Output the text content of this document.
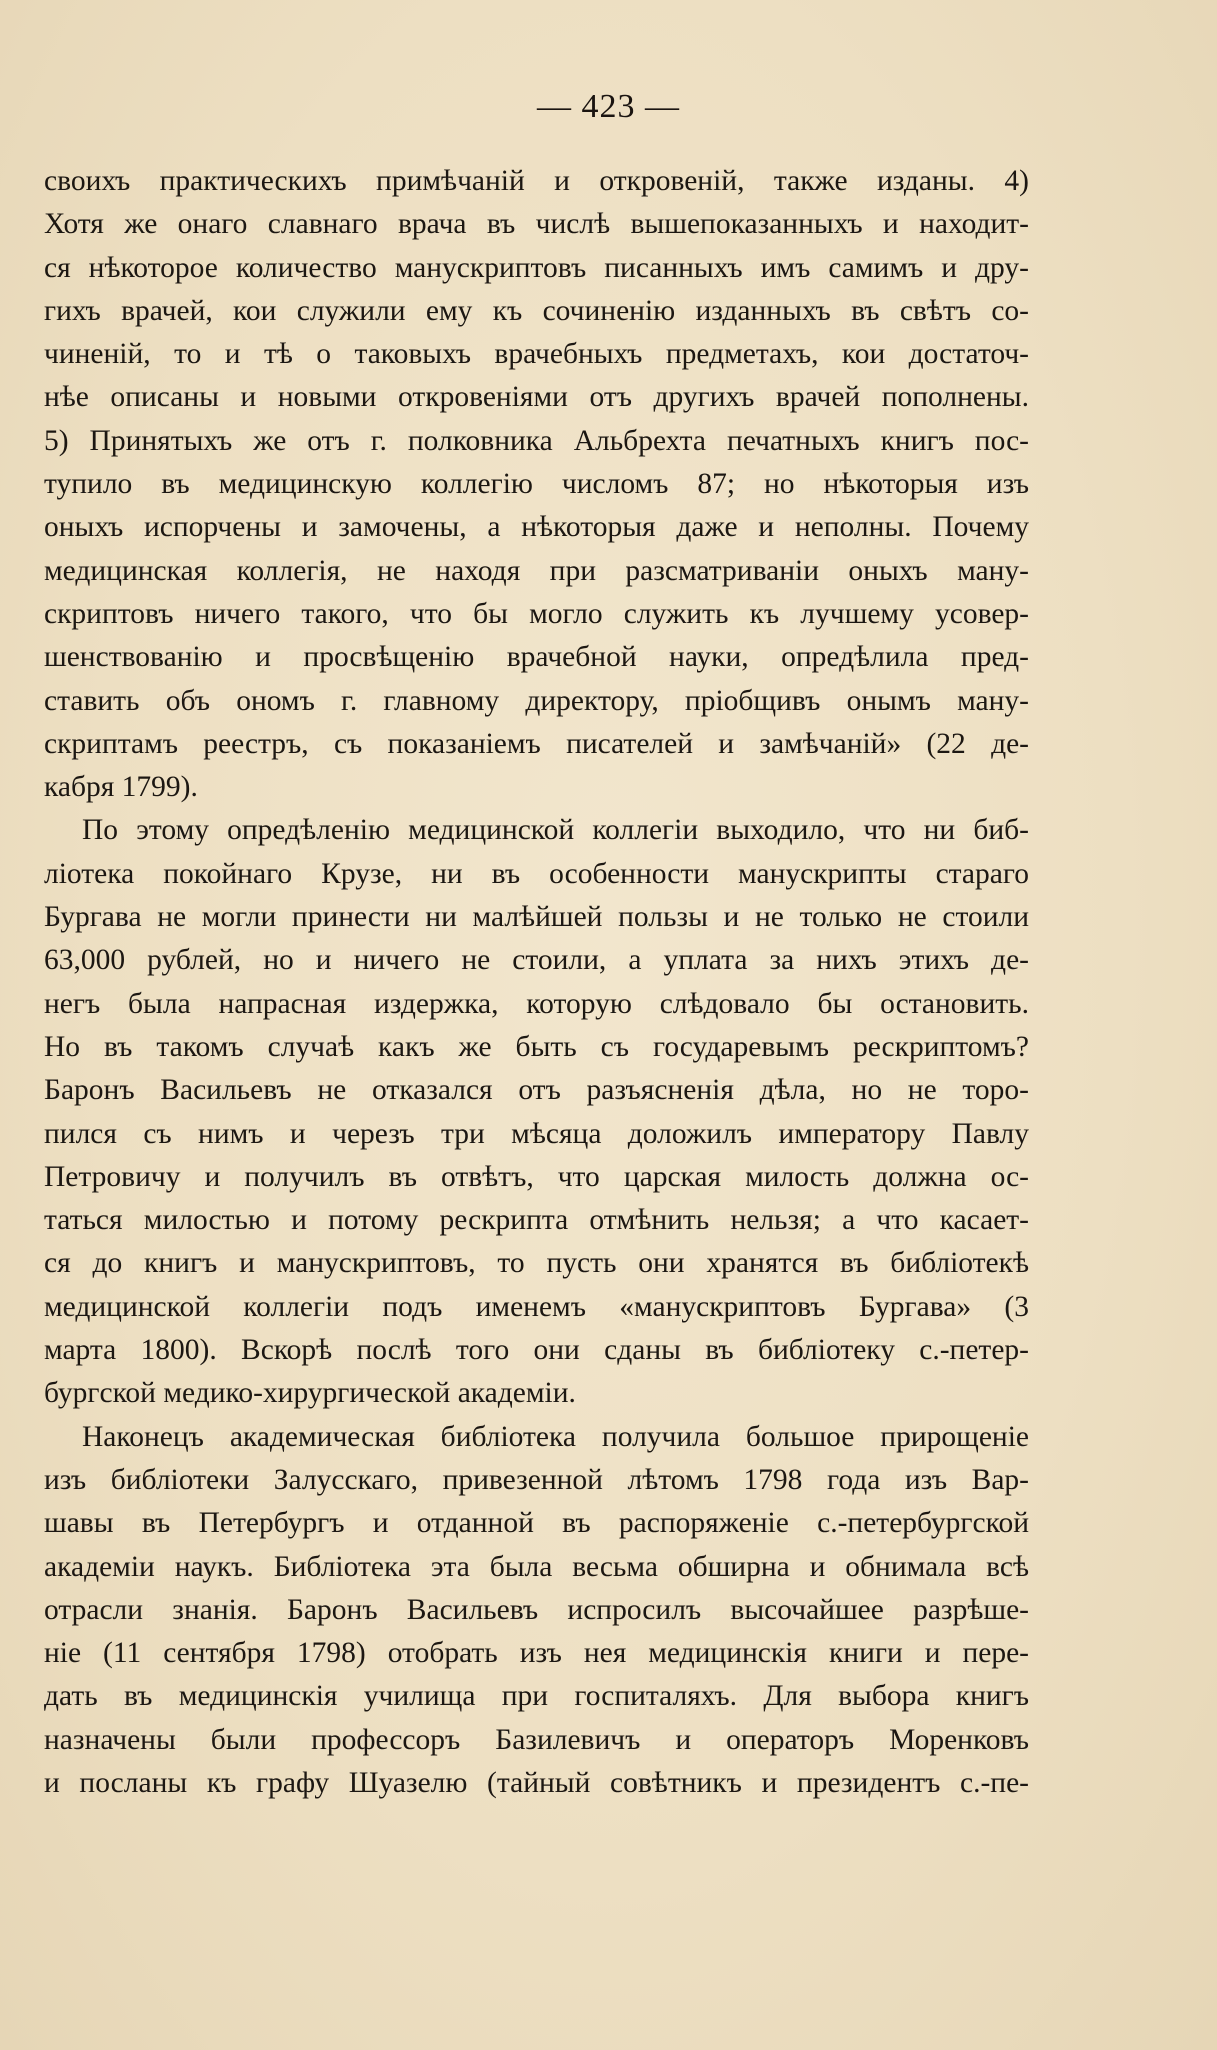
— 423 —
своихъ практическихъ примѣчаній и откровеній, также изданы. 4)
Хотя же онаго славнаго врача въ числѣ вышепоказанныхъ и находит-
ся нѣкоторое количество манускриптовъ писанныхъ имъ самимъ и дру-
гихъ врачей, кои служили ему къ сочиненію изданныхъ въ свѣтъ со-
чиненій, то и тѣ о таковыхъ врачебныхъ предметахъ, кои достаточ-
нѣе описаны и новыми откровеніями отъ другихъ врачей пополнены.
5) Принятыхъ же отъ г. полковника Альбрехта печатныхъ книгъ пос-
тупило въ медицинскую коллегію числомъ 87; но нѣкоторыя изъ
оныхъ испорчены и замочены, а нѣкоторыя даже и неполны. Почему
медицинская коллегія, не находя при разсматриваніи оныхъ ману-
скриптовъ ничего такого, что бы могло служить къ лучшему усовер-
шенствованію и просвѣщенію врачебной науки, опредѣлила пред-
ставить объ ономъ г. главному директору, пріобщивъ онымъ ману-
скриптамъ реестръ, съ показаніемъ писателей и замѣчаній» (22 де-
кабря 1799).
По этому опредѣленію медицинской коллегіи выходило, что ни биб-
ліотека покойнаго Крузе, ни въ особенности манускрипты стараго
Бургава не могли принести ни малѣйшей пользы и не только не стоили
63,000 рублей, но и ничего не стоили, а уплата за нихъ этихъ де-
негъ была напрасная издержка, которую слѣдовало бы остановить.
Но въ такомъ случаѣ какъ же быть съ государевымъ рескриптомъ?
Баронъ Васильевъ не отказался отъ разъясненія дѣла, но не торо-
пился съ нимъ и черезъ три мѣсяца доложилъ императору Павлу
Петровичу и получилъ въ отвѣтъ, что царская милость должна ос-
таться милостью и потому рескрипта отмѣнить нельзя; а что касает-
ся до книгъ и манускриптовъ, то пусть они хранятся въ библіотекѣ
медицинской коллегіи подъ именемъ «манускриптовъ Бургава» (3
марта 1800). Вскорѣ послѣ того они сданы въ библіотеку с.-петер-
бургской медико-хирургической академіи.
Наконецъ академическая библіотека получила большое прирощеніе
изъ библіотеки Залусскаго, привезенной лѣтомъ 1798 года изъ Вар-
шавы въ Петербургъ и отданной въ распоряженіе с.-петербургской
академіи наукъ. Библіотека эта была весьма обширна и обнимала всѣ
отрасли знанія. Баронъ Васильевъ испросилъ высочайшее разрѣше-
ніе (11 сентября 1798) отобрать изъ нея медицинскія книги и пере-
дать въ медицинскія училища при госпиталяхъ. Для выбора книгъ
назначены были профессоръ Базилевичъ и операторъ Моренковъ
и посланы къ графу Шуазелю (тайный совѣтникъ и президентъ с.-пе-
